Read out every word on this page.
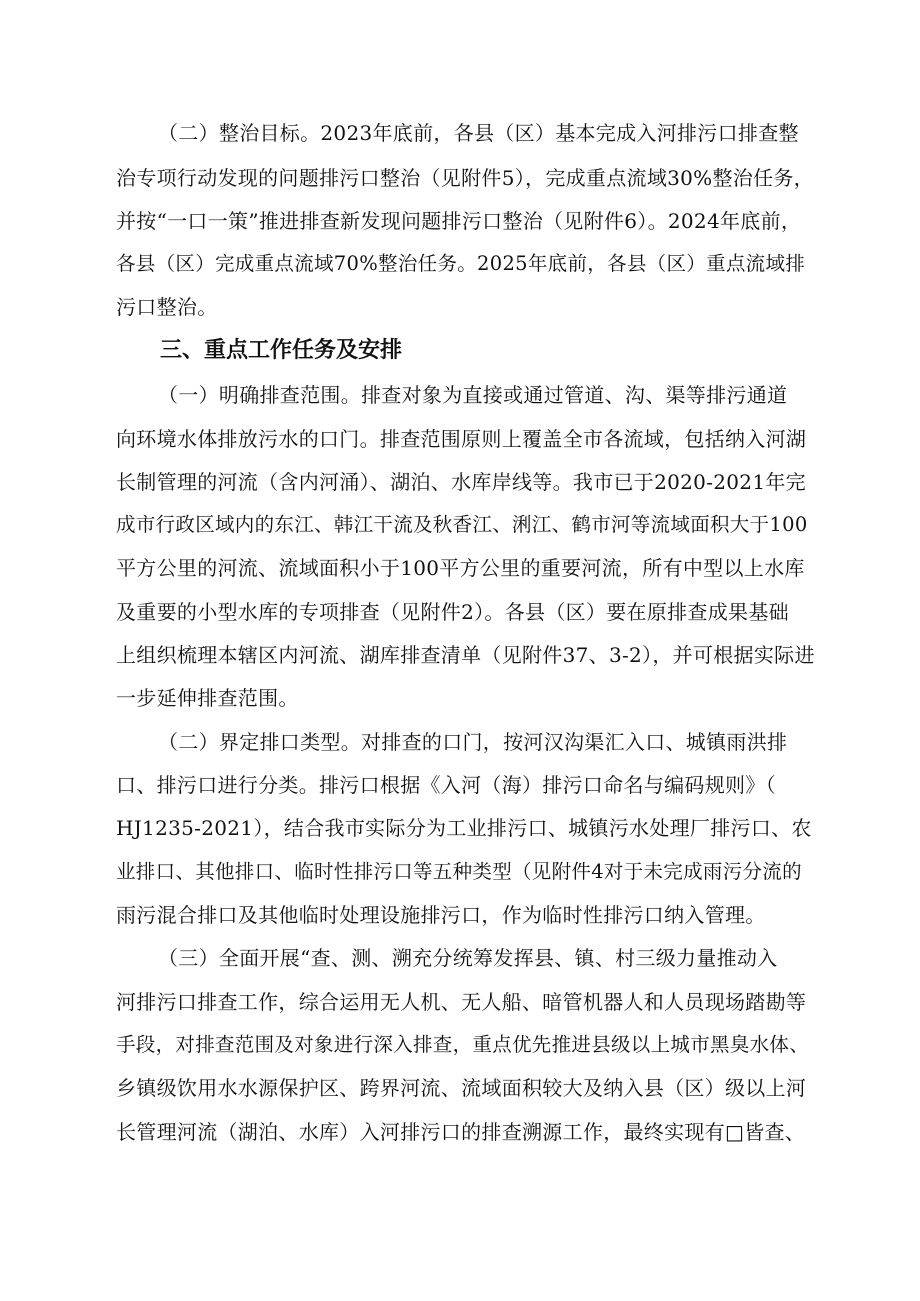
（二）整治目标。2023年底前，各县（区）基本完成入河排污口排查整
治专项行动发现的问题排污口整治（见附件5），完成重点流域30%整治任务，
并按“一口一策”推进排查新发现问题排污口整治（见附件6）。2024年底前，
各县（区）完成重点流域70%整治任务。2025年底前，各县（区）重点流域排
污口整治。
三、重点工作任务及安排
（一）明确排查范围。排查对象为直接或通过管道、沟、渠等排污通道
向环境水体排放污水的口门。排查范围原则上覆盖全市各流域，包括纳入河湖
长制管理的河流（含内河涌）、湖泊、水库岸线等。我市已于2020-2021年完
成市行政区域内的东江、韩江干流及秋香江、浰江、鹤市河等流域面积大于100
平方公里的河流、流域面积小于100平方公里的重要河流，所有中型以上水库
及重要的小型水库的专项排查（见附件2）。各县（区）要在原排查成果基础
上组织梳理本辖区内河流、湖库排查清单（见附件37、3-2），并可根据实际进
一步延伸排查范围。
（二）界定排口类型。对排查的口门，按河汉沟渠汇入口、城镇雨洪排
口、排污口进行分类。排污口根据《入河（海）排污口命名与编码规则》（
HJ1235-2021），结合我市实际分为工业排污口、城镇污水处理厂排污口、农
业排口、其他排口、临时性排污口等五种类型（见附件4对于未完成雨污分流的
雨污混合排口及其他临时处理设施排污口，作为临时性排污口纳入管理。
（三）全面开展“查、测、溯充分统筹发挥县、镇、村三级力量推动入
河排污口排查工作，综合运用无人机、无人船、暗管机器人和人员现场踏勘等
手段，对排查范围及对象进行深入排查，重点优先推进县级以上城市黑臭水体、
乡镇级饮用水水源保护区、跨界河流、流域面积较大及纳入县（区）级以上河
长管理河流（湖泊、水库）入河排污口的排查溯源工作，最终实现有□皆查、
